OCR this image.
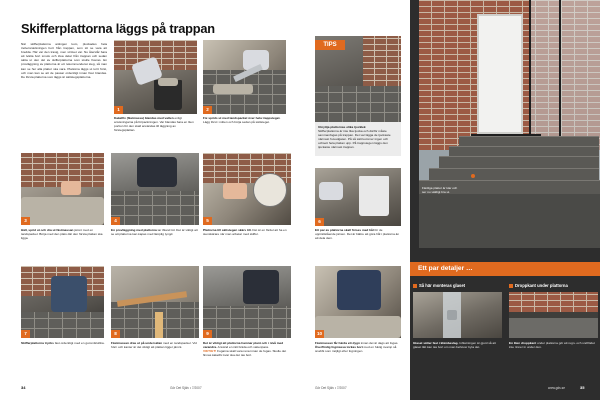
Skifferplattorna läggs på trappan
När skifferplattorna antingen kom, plockades hela trebersnäckningen bort från trappan, som stt se vara att bredda. Här var den trasig, men strövet var. Nu återstår bara att tvätta bort smuts och lösa delar från trappan och sedan sätta ut den del av skifferplattorna som skulle fixeras. En provläggning av plattorna är ett rekommenderat steg, så man kan se hur alla plattor ska vara. Plattorna läggs ut torrt först, och man kan se att de passar ordentligt innan fixet blandas. De första plattorna som läggs är sättstegsplattorna.
1	2
Utnyttja plattornas olika tjocklek
Skifferplattorna är inte lika tjocka och därför måste sammanfogas på trappan. Det var lägga de tjockaste närmast huvudgaten. På så sätt kommer ingen och ochsett hela plattan upp. På trappstegen läggs den tjockaste närmast trappan.
TIPS
Kakelfix (fästmassa) blandas med vatten enligt anvisningarna på förpackningen. Var blandas bara en liten portion för den skall användas till läggning av förstegsplattan.
Fix sprids ut med tandspackel över hela trappsteget. Lägg först i mitten och börja sedan på sättsteget.
3	4	5	6
Häll, sprid ut och dra ut fästmassan jämnt med en tandspackel. Börja med den plats där den första plattan ska ligga.
En provläggning med plattorna tar ibland tid. Det är viktigt att se att plattorna kan kapas med lämplig tyngd.
Plattorna till sättstegen skärs till. Det är en fördel att ha en stenskärare när man arbetar med skiffer.
Ett par av plattorna skall förses med hål för de upprättstående järnen. Det är bättre att göra hål i plattorna än att dela dem.
7	8	9	10
Skifferplattorna trycks fast ordentligt med en gummiklubba.	Fästmassan dras ut på undersidan med en tandspackel. Vid hörn och kanter är det viktigt att plattan ligger jämnt.
Det är viktigt att plattorna hamnar plant och i nivå med varandra. Använd en rätt bräda och vattenpass.
VIKTIGT! Fogarna skall vara rena innan de fogas. Skulle det finnas kakelfix kvar ska det tas bort.
Fästmassan får härda ett dygn innan det är dags att fogas.
Överflödig fogmassa torkas bort med en fuktig svamp så snabbt som möjligt efter fogningen.
34	Gör Det Själv • 7/2007	Gör Det Själv • 7/2007
Färdiga plattor är klar och ser nu väldigt bra ut.
Ett par detaljer …
Så här monteras glaset	Droppkant under plattorna
Glaset sätter fast i klämbeslag. Infästningen är gjord så att glaset lätt kan tas bort om man behöver byta det.
En liten droppkant under plattorna gör att regn- och snöflödet inte rinner in under den.
www.gds.se	35
